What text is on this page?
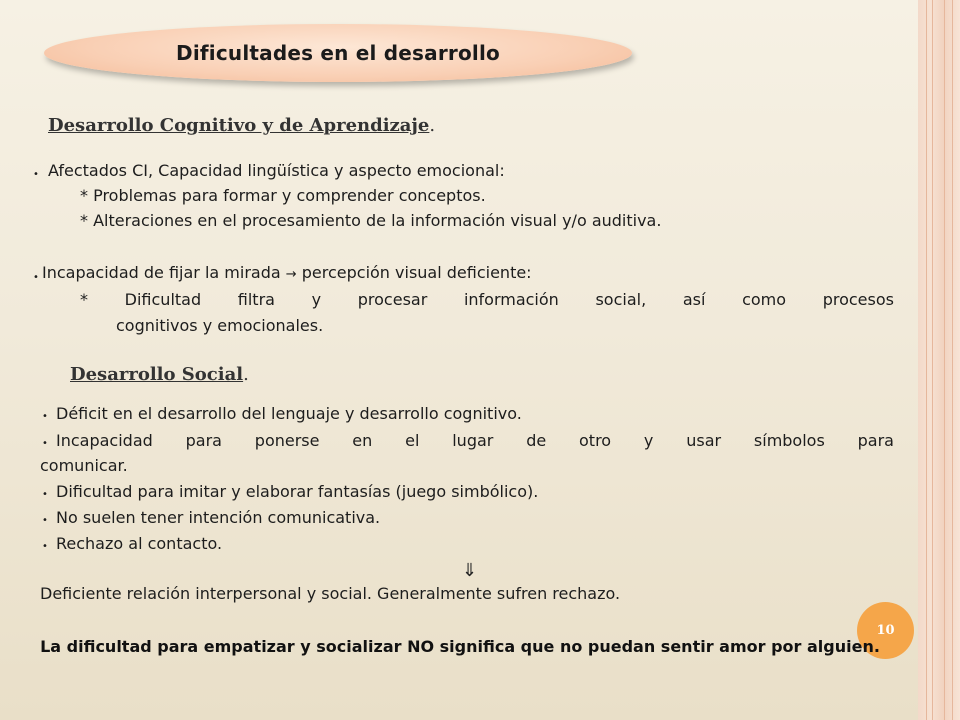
Dificultades en el desarrollo
Desarrollo Cognitivo y de Aprendizaje.
• Afectados CI, Capacidad lingüística y aspecto emocional:
* Problemas para formar y comprender conceptos.
* Alteraciones en el procesamiento de la información visual y/o auditiva.
• Incapacidad de fijar la mirada → percepción visual deficiente:
* Dificultad filtra y procesar información social, así como procesos
cognitivos y emocionales.
Desarrollo Social.
• Déficit en el desarrollo del lenguaje y desarrollo cognitivo.
• Incapacidad para ponerse en el lugar de otro y usar símbolos para
comunicar.
• Dificultad para imitar y elaborar fantasías (juego simbólico).
• No suelen tener intención comunicativa.
• Rechazo al contacto.
⇓
Deficiente relación interpersonal y social. Generalmente sufren rechazo.
10
La dificultad para empatizar y socializar NO significa que no puedan sentir amor por alguien.
